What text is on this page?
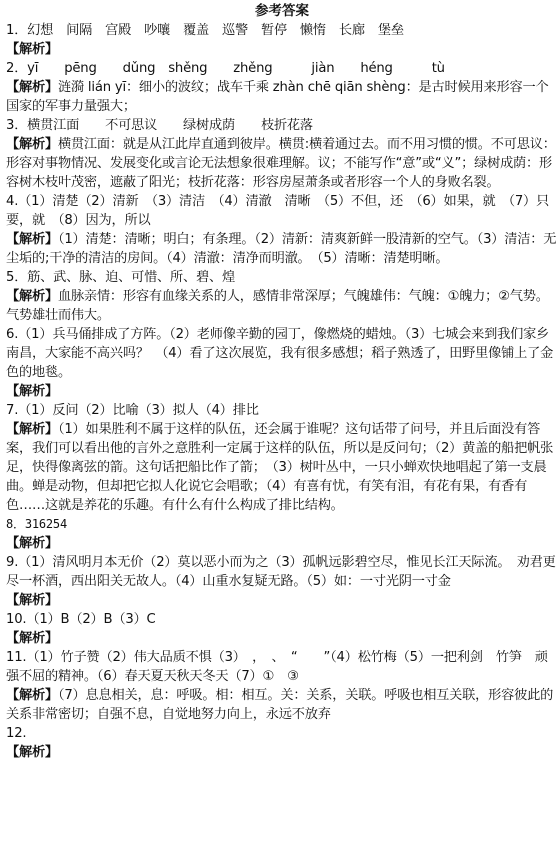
参考答案
1．幻想　间隔　宫殿　吵嚷　覆盖　巡警　暂停　懒惰　长廊　堡垒
【解析】
2．yī　　pēng　　dǔng　shěng　　zhěng　　　jiàn　　héng　　　tù
【解析】涟漪 lián yī：细小的波纹；战车千乘 zhàn chē qiān shèng：是古时候用来形容一个国家的军事力量强大；
3．横贯江面　　不可思议　　绿树成荫　　枝折花落
【解析】横贯江面：就是从江此岸直通到彼岸。横贯:横着通过去。而不用习惯的惯。不可思议：形容对事物情况、发展变化或言论无法想象很难理解。议；不能写作“意”或“义”；绿树成荫：形容树木枝叶茂密，遮蔽了阳光；枝折花落：形容房屋萧条或者形容一个人的身败名裂。
4.（1）清楚（2）清新　（3）清洁　（4）清澈　清晰　（5）不但，还　（6）如果，就　（7）只要，就　（8）因为，所以
【解析】（1）清楚：清晰；明白；有条理。（2）清新：清爽新鲜一股清新的空气。（3）清洁：无尘垢的;干净的清洁的房间。（4）清澈：清净而明澈。　（5）清晰：清楚明晰。
5．筋、武、脉、迫、可惜、所、碧、煌
【解析】血脉亲情：形容有血缘关系的人，感情非常深厚；气魄雄伟：气魄：①魄力；②气势。气势雄壮而伟大。
6.（1）兵马俑排成了方阵。（2）老师像辛勤的园丁，像燃烧的蜡烛。（3）七城会来到我们家乡南昌，大家能不高兴吗？　（4）看了这次展览，我有很多感想；稻子熟透了，田野里像铺上了金色的地毯。
【解析】
7.（1）反问（2）比喻（3）拟人（4）排比
【解析】（1）如果胜利不属于这样的队伍，还会属于谁呢？这句话带了问号，并且后面没有答案，我们可以看出他的言外之意胜利一定属于这样的队伍，所以是反问句；（2）黄盖的船把帆张足，快得像离弦的箭。这句话把船比作了箭；　（3）树叶丛中，一只小蝉欢快地唱起了第一支晨曲。蝉是动物，但却把它拟人化说它会唱歌；（4）有喜有忧，有笑有泪，有花有果，有香有色……这就是养花的乐趣。有什么有什么构成了排比结构。
8．316254
【解析】
9.（1）清风明月本无价（2）莫以恶小而为之（3）孤帆远影碧空尽，惟见长江天际流。　劝君更尽一杯酒，西出阳关无故人。（4）山重水复疑无路。（5）如：一寸光阴一寸金
【解析】
10.（1）B（2）B（3）C
【解析】
11.（1）竹子赞（2）伟大品质不惧（3）　，　、　“　　”（4）松竹梅（5）一把利剑　竹笋　顽强不屈的精神。（6）春天夏天秋天冬天（7）①　③
【解析】（7）息息相关，息：呼吸。相：相互。关：关系，关联。呼吸也相互关联，形容彼此的关系非常密切；自强不息，自觉地努力向上，永远不放弃
12.
【解析】
